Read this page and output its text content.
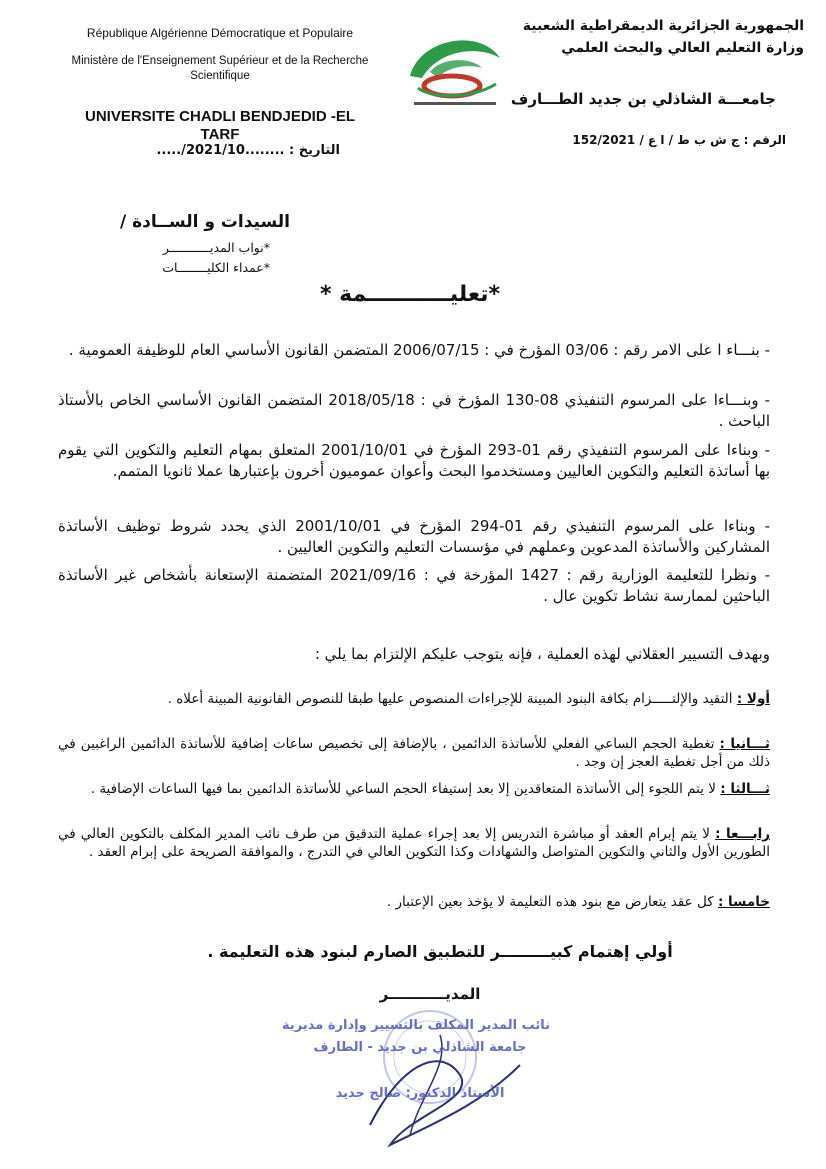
République Algérienne Démocratique et Populaire
Ministère de l'Enseignement Supérieur et de la Recherche Scientifique
UNIVERSITE CHADLI BENDJEDID -EL TARF
التاريخ : ........2021/10/.....
الجمهورية الجزائرية الديمقراطية الشعبية
وزارة التعليم العالي والبحث العلمي
جامعـــة الشاذلي بن جديد الطـــارف
الرقم : ج ش ب ط / ا ع / 152/2021
السيدات و الســادة /
*نواب المديـــــــــــر
*عمداء الكليــــــــات
*تعليـــــــــــمة *
- بنـــاء ا على الامر رقم : 03/06 المؤرخ في : 2006/07/15 المتضمن القانون الأساسي العام للوظيفة العمومية .
- وبنـــاءا على المرسوم التنفيذي 08-130 المؤرخ في : 2018/05/18 المتضمن القانون الأساسي الخاص بالأستاذ الباحث .
- وبناءا على المرسوم التنفيذي رقم 01-293 المؤرخ في 2001/10/01 المتعلق بمهام التعليم والتكوين التي يقوم بها أساتذة التعليم والتكوين العاليين ومستخدموا البحث وأعوان عموميون أخرون بإعتبارها عملا ثانويا المتمم.
- وبناءا على المرسوم التنفيذي رقم 01-294 المؤرخ في 2001/10/01 الذي يحدد شروط توظيف الأساتذة المشاركين والأساتذة المدعوين وعملهم في مؤسسات التعليم والتكوين العاليين .
- ونظرا للتعليمة الوزارية رقم : 1427 المؤرخة في : 2021/09/16 المتضمنة الإستعانة بأشخاص غير الأساتذة الباحثين لممارسة نشاط تكوين عال .
وبهدف التسيير العقلاني لهذه العملية ، فإنه يتوجب عليكم الإلتزام بما يلي :
أولا : التقيد والإلتـــــزام بكافة البنود المبينة للإجراءات المنصوص عليها طبقا للنصوص القانونية المبينة أعلاه .
ثـــانيا : تغطية الحجم الساعي الفعلي للأساتذة الدائمين ، بالإضافة إلى تخصيص ساعات إضافية للأساتذة الدائمين الراغبين في ذلك من أجل تغطية العجز إن وجد .
ثـــالثا : لا يتم اللجوء إلى الأساتذة المتعاقدين إلا بعد إستيفاء الحجم الساعي للأساتذة الدائمين بما فيها الساعات الإضافية .
رابـــعا : لا يتم إبرام العقد أو مباشرة التدريس إلا بعد إجراء عملية التدقيق من طرف نائب المدير المكلف بالتكوين العالي في الطورين الأول والثاني والتكوين المتواصل والشهادات وكذا التكوين العالي في التدرج ، والموافقة الصريحة على إبرام العقد .
خامسا : كل عقد يتعارض مع بنود هذه التعليمة لا يؤخذ بعين الإعتبار .
أولي إهتمام كبيـــــــــر للتطبيق الصارم لبنود هذه التعليمة .
المديـــــــــــر
نائب المدير المكلف بالتسيير وإدارة مديرية
جامعة الشاذلي بن جديد - الطارف
الأستاذ الدكتور: صالح جديد
